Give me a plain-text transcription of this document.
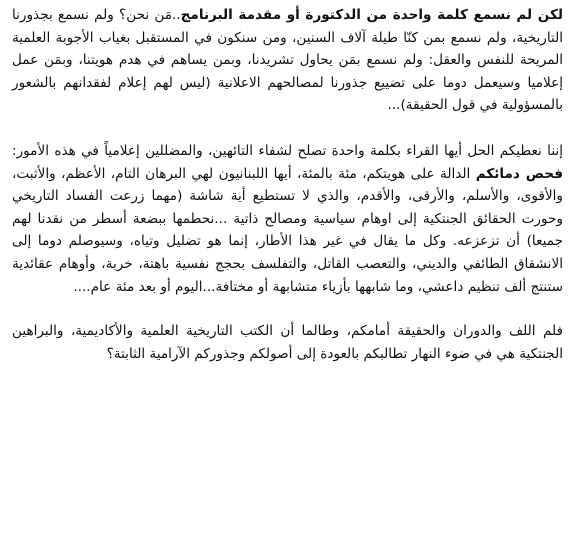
لكن لم نسمع كلمة واحدة من الدكتورة أو مقدمة البرنامج..مَن نحن؟ ولم نسمع بجذورنا التاريخية، ولم نسمع بمن كنّا طيلة آلاف السنين، ومن سنكون في المستقبل بغياب الأجوبة العلمية المريحة للنفس والعقل: ولم نسمع بمَن يحاول تشريدنا، وبمن يساهم في هدم هويتنا، وبمَن عمل إعلاميا وسيعمل دوما على تضييع جذورنا لمصالحهم الاعلانية (ليس لهم إعلام لفقدانهم بالشعور بالمسؤولية في قول الحقيقة)...

إننا نعطيكم الحل أيها القراء بكلمة واحدة تصلح لشفاء التائهين، والمضللين إعلامياً في هذه الأمور: فحص دمائكم الدالة على هويتكم، مئة بالمئة، أيها اللبنانيون لهي البرهان التام، الأعظم، والأثبت، والأقوى، والأسلم، والأرقى، والأقدم، والذي لا تستطيع أية شاشة (مهما زرعت الفساد التاريخي وحورت الحقائق الجنتكية إلى اوهام سياسية ومصالح ذاتية ...نحطمها ببضعة أسطر من نقدنا لهم جميعا) أن تزعزعه. وكل ما يقال في غير هذا الأطار، إنما هو تضليل وتياه، وسيوصلم دوما إلى الانشقاق الطائفي والديني، والتعصب القاتل، والتفلسف بحجج نفسية باهتة، خربة، وأوهام عقائدية ستنتج ألف تنظيم داعشي، وما شابهها بأزياء متشابهة أو مختافة...اليوم أو بعد مئة عام....

فلم اللف والدوران والحقيقة أمامكم، وطالما أن الكتب التاريخية العلمية والأكاديمية، والبراهين الجنتكية هي في ضوء النهار تطالبكم بالعودة إلى أصولكم وجذوركم الآرامية الثابتة؟
